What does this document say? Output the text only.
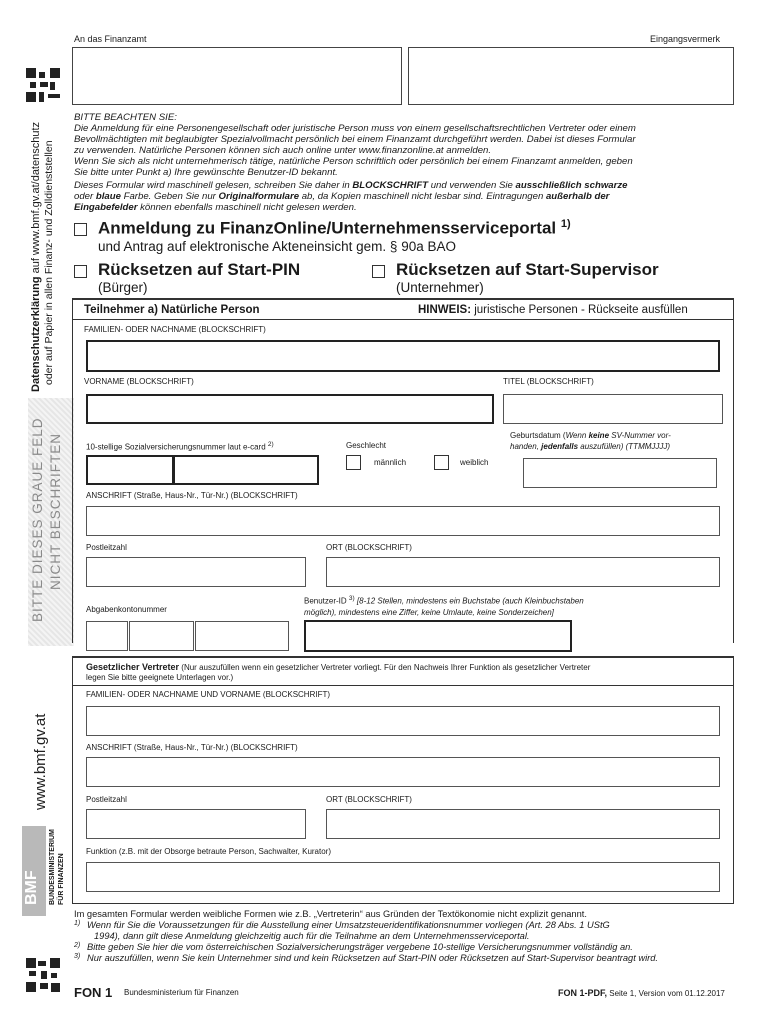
Datenschutzerklärung auf www.bmf.gv.at/datenschutz oder auf Papier in allen Finanz- und Zolldienststellen
BITTE DIESES GRAUE FELD NICHT BESCHRIFTEN
www.bmf.gv.at
BMF BUNDESMINISTERIUM FÜR FINANZEN
An das Finanzamt	Eingangsvermerk
BITTE BEACHTEN SIE:
Die Anmeldung für eine Personengesellschaft oder juristische Person muss von einem gesellschaftsrechtlichen Vertreter oder einem
Bevollmächtigten mit beglaubigter Spezialvollmacht persönlich bei einem Finanzamt durchgeführt werden. Dabei ist dieses Formular
zu verwenden. Natürliche Personen können sich auch online unter www.finanzonline.at anmelden.
Wenn Sie sich als nicht unternehmerisch tätige, natürliche Person schriftlich oder persönlich bei einem Finanzamt anmelden, geben
Sie bitte unter Punkt a) Ihre gewünschte Benutzer-ID bekannt.
Dieses Formular wird maschinell gelesen, schreiben Sie daher in BLOCKSCHRIFT und verwenden Sie ausschließlich schwarze
oder blaue Farbe. Geben Sie nur Originalformulare ab, da Kopien maschinell nicht lesbar sind. Eintragungen außerhalb der
Eingabefelder können ebenfalls maschinell nicht gelesen werden.
Anmeldung zu FinanzOnline/Unternehmensserviceportal $^{1)}$
und Antrag auf elektronische Akteneinsicht gem. § 90a BAO
Rücksetzen auf Start-PIN
(Bürger)
Rücksetzen auf Start-Supervisor
(Unternehmer)
Teilnehmer a) Natürliche Person	HINWEIS: juristische Personen - Rückseite ausfüllen
FAMILIEN- ODER NACHNAME (BLOCKSCHRIFT)
VORNAME (BLOCKSCHRIFT)	TITEL (BLOCKSCHRIFT)
10-stellige Sozialversicherungsnummer laut e-card $^{2)}$	Geschlecht
Geburtsdatum (Wenn keine SV-Nummer vor-
handen, jedenfalls auszufüllen) (TTMMJJJJ)
männlich	weiblich
ANSCHRIFT (Straße, Haus-Nr., Tür-Nr.) (BLOCKSCHRIFT)
Postleitzahl	ORT (BLOCKSCHRIFT)
Benutzer-ID $^{3)}$ [8-12 Stellen, mindestens ein Buchstabe (auch Kleinbuchstaben
möglich), mindestens eine Ziffer, keine Umlaute, keine Sonderzeichen]
Abgabenkontonummer
Gesetzlicher Vertreter (Nur auszufüllen wenn ein gesetzlicher Vertreter vorliegt. Für den Nachweis Ihrer Funktion als gesetzlicher Vertreter
legen Sie bitte geeignete Unterlagen vor.)
FAMILIEN- ODER NACHNAME UND VORNAME (BLOCKSCHRIFT)
ANSCHRIFT (Straße, Haus-Nr., Tür-Nr.) (BLOCKSCHRIFT)
Postleitzahl	ORT (BLOCKSCHRIFT)
Funktion (z.B. mit der Obsorge betraute Person, Sachwalter, Kurator)
Im gesamten Formular werden weibliche Formen wie z.B. „Vertreterin“ aus Gründen der Textökonomie nicht explizit genannt.
1) Wenn für Sie die Voraussetzungen für die Ausstellung einer Umsatzsteueridentifikationsnummer vorliegen (Art. 28 Abs. 1 UStG
1994), dann gilt diese Anmeldung gleichzeitig auch für die Teilnahme an dem Unternehmensserviceportal.
2) Bitte geben Sie hier die vom österreichischen Sozialversicherungsträger vergebene 10-stellige Versicherungsnummer vollständig an.
3) Nur auszufüllen, wenn Sie kein Unternehmer sind und kein Rücksetzen auf Start-PIN oder Rücksetzen auf Start-Supervisor beantragt wird.
FON 1 Bundesministerium für Finanzen	FON 1-PDF, Seite 1, Version vom 01.12.2017
